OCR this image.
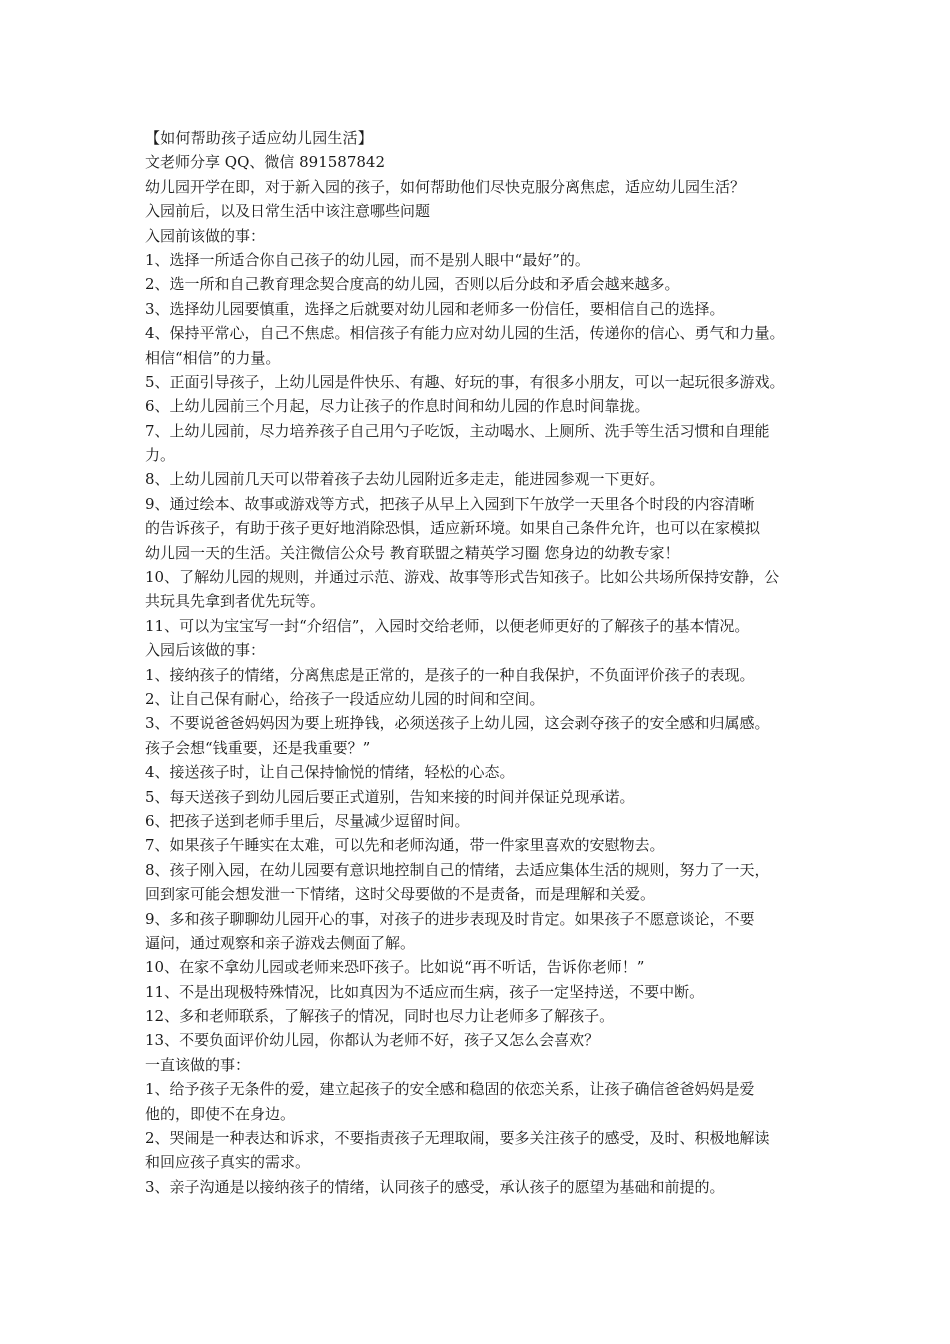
【如何帮助孩子适应幼儿园生活】
文老师分享 QQ、微信 891587842
幼儿园开学在即，对于新入园的孩子，如何帮助他们尽快克服分离焦虑，适应幼儿园生活？
入园前后，以及日常生活中该注意哪些问题
入园前该做的事：
1、选择一所适合你自己孩子的幼儿园，而不是别人眼中“最好”的。
2、选一所和自己教育理念契合度高的幼儿园，否则以后分歧和矛盾会越来越多。
3、选择幼儿园要慎重，选择之后就要对幼儿园和老师多一份信任，要相信自己的选择。
4、保持平常心，自己不焦虑。相信孩子有能力应对幼儿园的生活，传递你的信心、勇气和力量。
相信“相信”的力量。
5、正面引导孩子，上幼儿园是件快乐、有趣、好玩的事，有很多小朋友，可以一起玩很多游戏。
6、上幼儿园前三个月起，尽力让孩子的作息时间和幼儿园的作息时间靠拢。
7、上幼儿园前，尽力培养孩子自己用勺子吃饭，主动喝水、上厕所、洗手等生活习惯和自理能
力。
8、上幼儿园前几天可以带着孩子去幼儿园附近多走走，能进园参观一下更好。
9、通过绘本、故事或游戏等方式，把孩子从早上入园到下午放学一天里各个时段的内容清晰
的告诉孩子，有助于孩子更好地消除恐惧，适应新环境。如果自己条件允许，也可以在家模拟
幼儿园一天的生活。关注微信公众号 教育联盟之精英学习圈 您身边的幼教专家！
10、了解幼儿园的规则，并通过示范、游戏、故事等形式告知孩子。比如公共场所保持安静，公
共玩具先拿到者优先玩等。
11、可以为宝宝写一封“介绍信”，入园时交给老师，以便老师更好的了解孩子的基本情况。
入园后该做的事：
1、接纳孩子的情绪，分离焦虑是正常的，是孩子的一种自我保护，不负面评价孩子的表现。
2、让自己保有耐心，给孩子一段适应幼儿园的时间和空间。
3、不要说爸爸妈妈因为要上班挣钱，必须送孩子上幼儿园，这会剥夺孩子的安全感和归属感。
孩子会想“钱重要，还是我重要？”
4、接送孩子时，让自己保持愉悦的情绪，轻松的心态。
5、每天送孩子到幼儿园后要正式道别，告知来接的时间并保证兑现承诺。
6、把孩子送到老师手里后，尽量减少逗留时间。
7、如果孩子午睡实在太难，可以先和老师沟通，带一件家里喜欢的安慰物去。
8、孩子刚入园，在幼儿园要有意识地控制自己的情绪，去适应集体生活的规则，努力了一天，
回到家可能会想发泄一下情绪，这时父母要做的不是责备，而是理解和关爱。
9、多和孩子聊聊幼儿园开心的事，对孩子的进步表现及时肯定。如果孩子不愿意谈论，不要
逼问，通过观察和亲子游戏去侧面了解。
10、在家不拿幼儿园或老师来恐吓孩子。比如说“再不听话，告诉你老师！”
11、不是出现极特殊情况，比如真因为不适应而生病，孩子一定坚持送，不要中断。
12、多和老师联系，了解孩子的情况，同时也尽力让老师多了解孩子。
13、不要负面评价幼儿园，你都认为老师不好，孩子又怎么会喜欢？
一直该做的事：
1、给予孩子无条件的爱，建立起孩子的安全感和稳固的依恋关系，让孩子确信爸爸妈妈是爱
他的，即使不在身边。
2、哭闹是一种表达和诉求，不要指责孩子无理取闹，要多关注孩子的感受，及时、积极地解读
和回应孩子真实的需求。
3、亲子沟通是以接纳孩子的情绪，认同孩子的感受，承认孩子的愿望为基础和前提的。
